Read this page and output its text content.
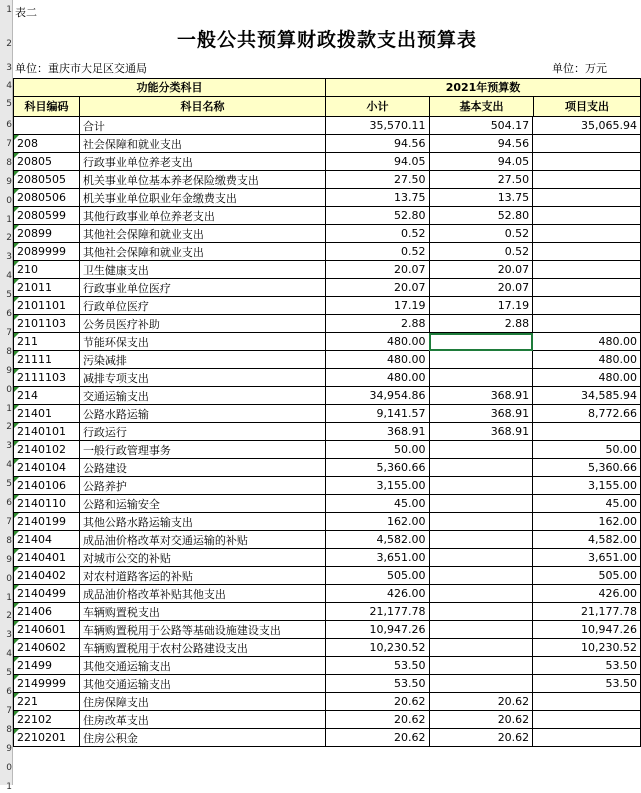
1
2
3
4
5
6
7
8
9
0
1
2
3
4
5
6
7
8
9
0
1
2
3
4
5
6
7
8
9
0
1
2
3
4
5
6
7
8
9
0
1
表二
一般公共预算财政拨款支出预算表
单位：重庆市大足区交通局	单位：万元
功能分类科目	2021年预算数
科目编码	科目名称	小计	基本支出	项目支出
	合计	35,570.11	504.17	35,065.94
208	社会保障和就业支出	94.56	94.56	
20805	行政事业单位养老支出	94.05	94.05	
2080505	机关事业单位基本养老保险缴费支出	27.50	27.50	
2080506	机关事业单位职业年金缴费支出	13.75	13.75	
2080599	其他行政事业单位养老支出	52.80	52.80	
20899	其他社会保障和就业支出	0.52	0.52	
2089999	其他社会保障和就业支出	0.52	0.52	
210	卫生健康支出	20.07	20.07	
21011	行政事业单位医疗	20.07	20.07	
2101101	行政单位医疗	17.19	17.19	
2101103	公务员医疗补助	2.88	2.88	
211	节能环保支出	480.00		480.00
21111	污染减排	480.00		480.00
2111103	减排专项支出	480.00		480.00
214	交通运输支出	34,954.86	368.91	34,585.94
21401	公路水路运输	9,141.57	368.91	8,772.66
2140101	行政运行	368.91	368.91	
2140102	一般行政管理事务	50.00		50.00
2140104	公路建设	5,360.66		5,360.66
2140106	公路养护	3,155.00		3,155.00
2140110	公路和运输安全	45.00		45.00
2140199	其他公路水路运输支出	162.00		162.00
21404	成品油价格改革对交通运输的补贴	4,582.00		4,582.00
2140401	对城市公交的补贴	3,651.00		3,651.00
2140402	对农村道路客运的补贴	505.00		505.00
2140499	成品油价格改革补贴其他支出	426.00		426.00
21406	车辆购置税支出	21,177.78		21,177.78
2140601	车辆购置税用于公路等基础设施建设支出	10,947.26		10,947.26
2140602	车辆购置税用于农村公路建设支出	10,230.52		10,230.52
21499	其他交通运输支出	53.50		53.50
2149999	其他交通运输支出	53.50		53.50
221	住房保障支出	20.62	20.62	
22102	住房改革支出	20.62	20.62	
2210201	住房公积金	20.62	20.62	
